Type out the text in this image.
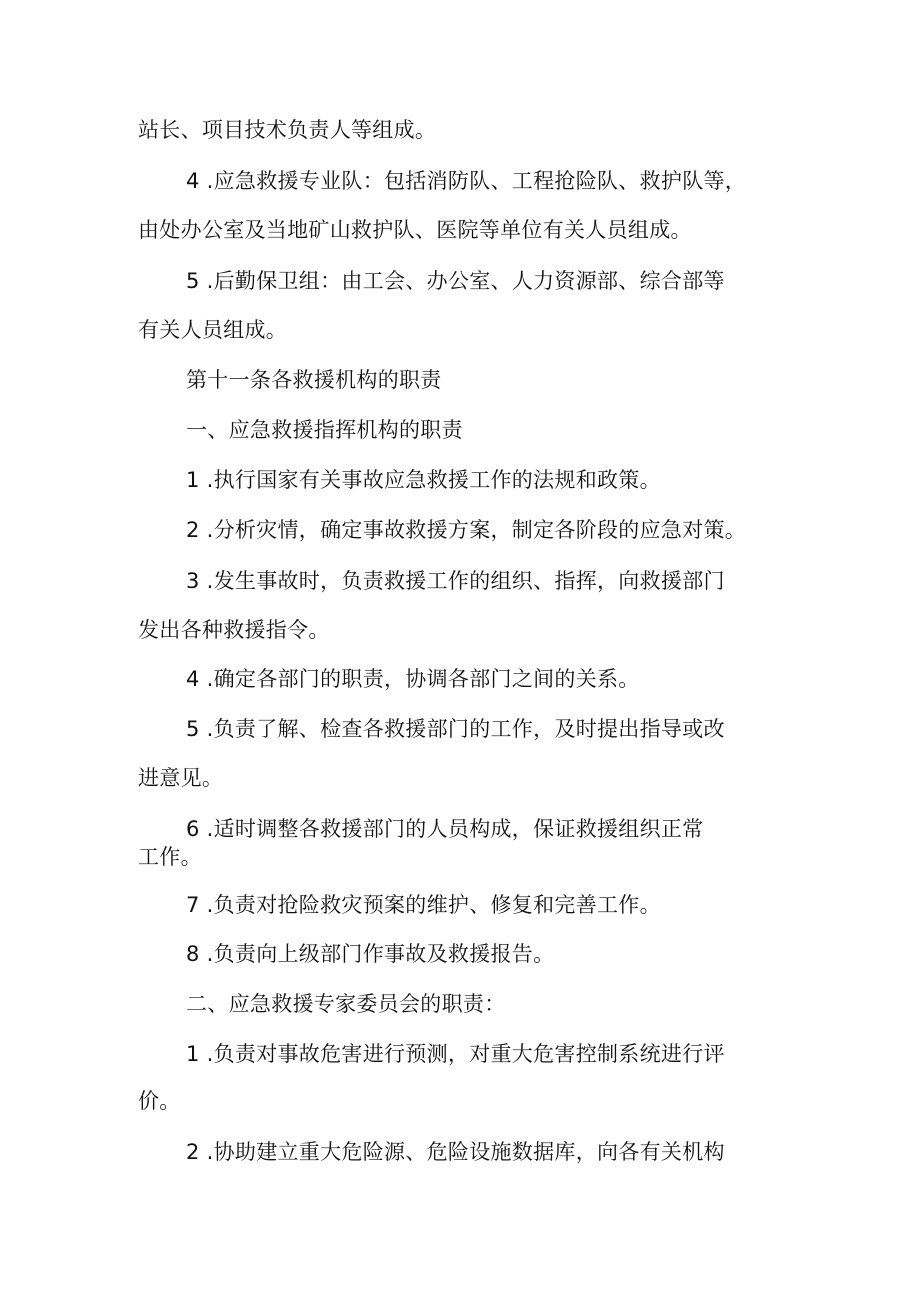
站长、项目技术负责人等组成。
4 .应急救援专业队：包括消防队、工程抢险队、救护队等，
由处办公室及当地矿山救护队、医院等单位有关人员组成。
5 .后勤保卫组：由工会、办公室、人力资源部、综合部等
有关人员组成。
第十一条各救援机构的职责
一、应急救援指挥机构的职责
1 .执行国家有关事故应急救援工作的法规和政策。
2 .分析灾情，确定事故救援方案，制定各阶段的应急对策。
3 .发生事故时，负责救援工作的组织、指挥，向救援部门
发出各种救援指令。
4 .确定各部门的职责，协调各部门之间的关系。
5 .负责了解、检查各救援部门的工作，及时提出指导或改
进意见。
6 .适时调整各救援部门的人员构成，保证救援组织正常
工作。
7 .负责对抢险救灾预案的维护、修复和完善工作。
8 .负责向上级部门作事故及救援报告。
二、应急救援专家委员会的职责：
1 .负责对事故危害进行预测，对重大危害控制系统进行评
价。
2 .协助建立重大危险源、危险设施数据库，向各有关机构
